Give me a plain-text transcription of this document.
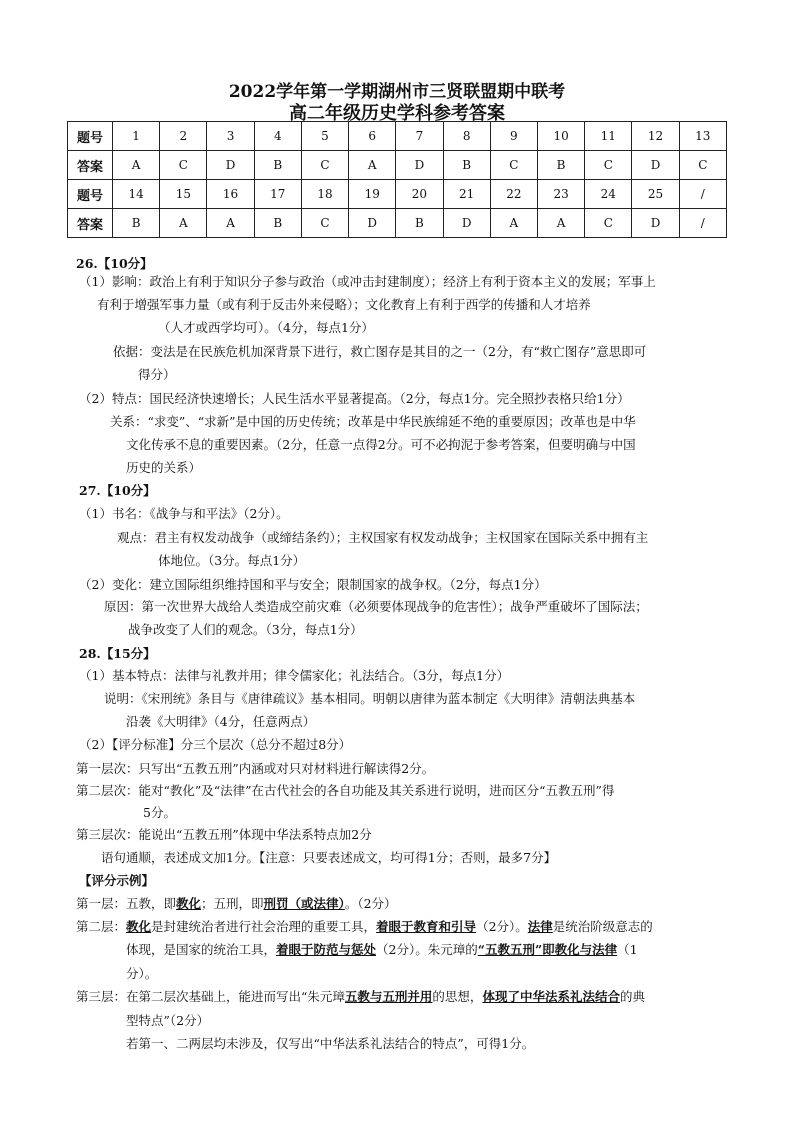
2022学年第一学期湖州市三贤联盟期中联考
高二年级历史学科参考答案
题号	1	2	3	4	5	6	7	8	9	10	11	12	13
答案	A	C	D	B	C	A	D	B	C	B	C	D	C
题号	14	15	16	17	18	19	20	21	22	23	24	25	/
答案	B	A	A	B	C	D	B	D	A	A	C	D	/
26.【10分】
（1）影响：政治上有利于知识分子参与政治（或冲击封建制度）；经济上有利于资本主义的发展；军事上
有利于增强军事力量（或有利于反击外来侵略）；文化教育上有利于西学的传播和人才培养
（人才或西学均可）。（4分，每点1分）
依据：变法是在民族危机加深背景下进行，救亡图存是其目的之一（2分，有“救亡图存”意思即可
得分）
（2）特点：国民经济快速增长；人民生活水平显著提高。（2分，每点1分。完全照抄表格只给1分）
关系：“求变”、“求新”是中国的历史传统；改革是中华民族绵延不绝的重要原因；改革也是中华
文化传承不息的重要因素。（2分，任意一点得2分。可不必拘泥于参考答案，但要明确与中国
历史的关系）
27.【10分】
（1）书名：《战争与和平法》（2分）。
观点：君主有权发动战争（或缔结条约）；主权国家有权发动战争；主权国家在国际关系中拥有主
体地位。（3分。每点1分）
（2）变化：建立国际组织维持国和平与安全；限制国家的战争权。（2分，每点1分）
原因：第一次世界大战给人类造成空前灾难（必须要体现战争的危害性）；战争严重破坏了国际法；
战争改变了人们的观念。（3分，每点1分）
28.【15分】
（1）基本特点：法律与礼教并用；律令儒家化；礼法结合。（3分，每点1分）
说明：《宋刑统》条目与《唐律疏议》基本相同。明朝以唐律为蓝本制定《大明律》清朝法典基本
沿袭《大明律》（4分，任意两点）
（2）【评分标准】分三个层次（总分不超过8分）
第一层次：只写出“五教五刑”内涵或对只对材料进行解读得2分。
第二层次：能对“教化”及“法律”在古代社会的各自功能及其关系进行说明，进而区分“五教五刑”得
5分。
第三层次：能说出“五教五刑”体现中华法系特点加2分
语句通顺，表述成文加1分。【注意：只要表述成文，均可得1分；否则，最多7分】
【评分示例】
第一层：五教，即教化；五刑，即刑罚（或法律）。（2分）
第二层：教化是封建统治者进行社会治理的重要工具，着眼于教育和引导（2分）。法律是统治阶级意志的
体现，是国家的统治工具，着眼于防范与惩处（2分）。朱元璋的“五教五刑”即教化与法律（1
分）。
第三层：在第二层次基础上，能进而写出“朱元璋五教与五刑并用的思想，体现了中华法系礼法结合的典
型特点”（2分）
若第一、二两层均未涉及，仅写出“中华法系礼法结合的特点”，可得1分。
